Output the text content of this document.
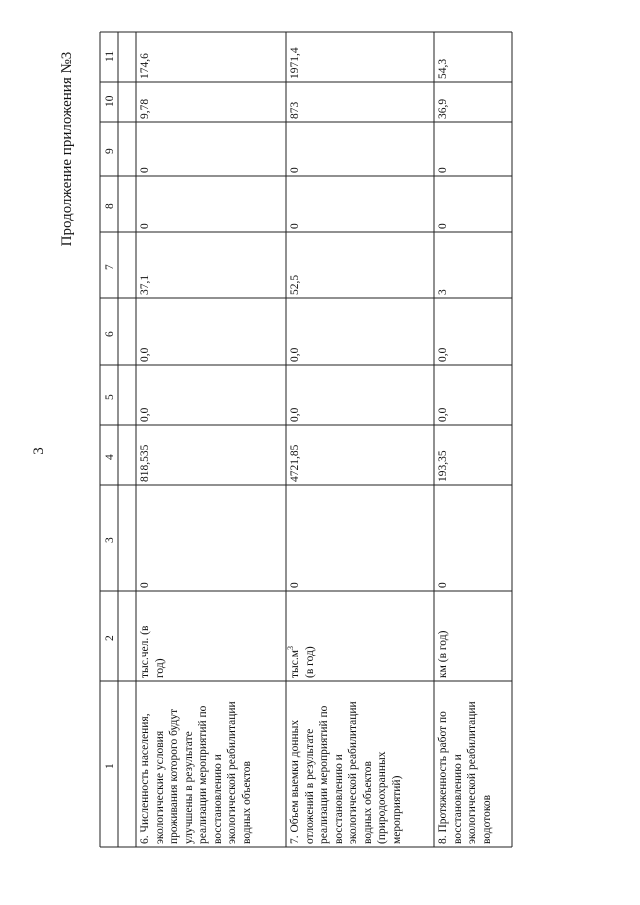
3
Продолжение приложения №3
1
2
3
4
5
6
7
8
9
10
11
6. Численность населения, экологические условия проживания которого будут улучшены в результате реализации мероприятий по восстановлению и экологической реабилитации водных объектов
тыс.чел. (в год)
0
818,535
0,0
0,0
37,1
0
0
9,78
174,6
7. Объем выемки донных отложений в результате реализации мероприятий по восстановлению и экологической реабилитации водных объектов (природоохранных мероприятий)
$тыс.м^3$ (в год)
0
4721,85
0,0
0,0
52,5
0
0
873
1971,4
8. Протяженность работ по восстановлению и экологической реабилитации водотоков
км (в год)
0
193,35
0,0
0,0
3
0
0
36,9
54,3
